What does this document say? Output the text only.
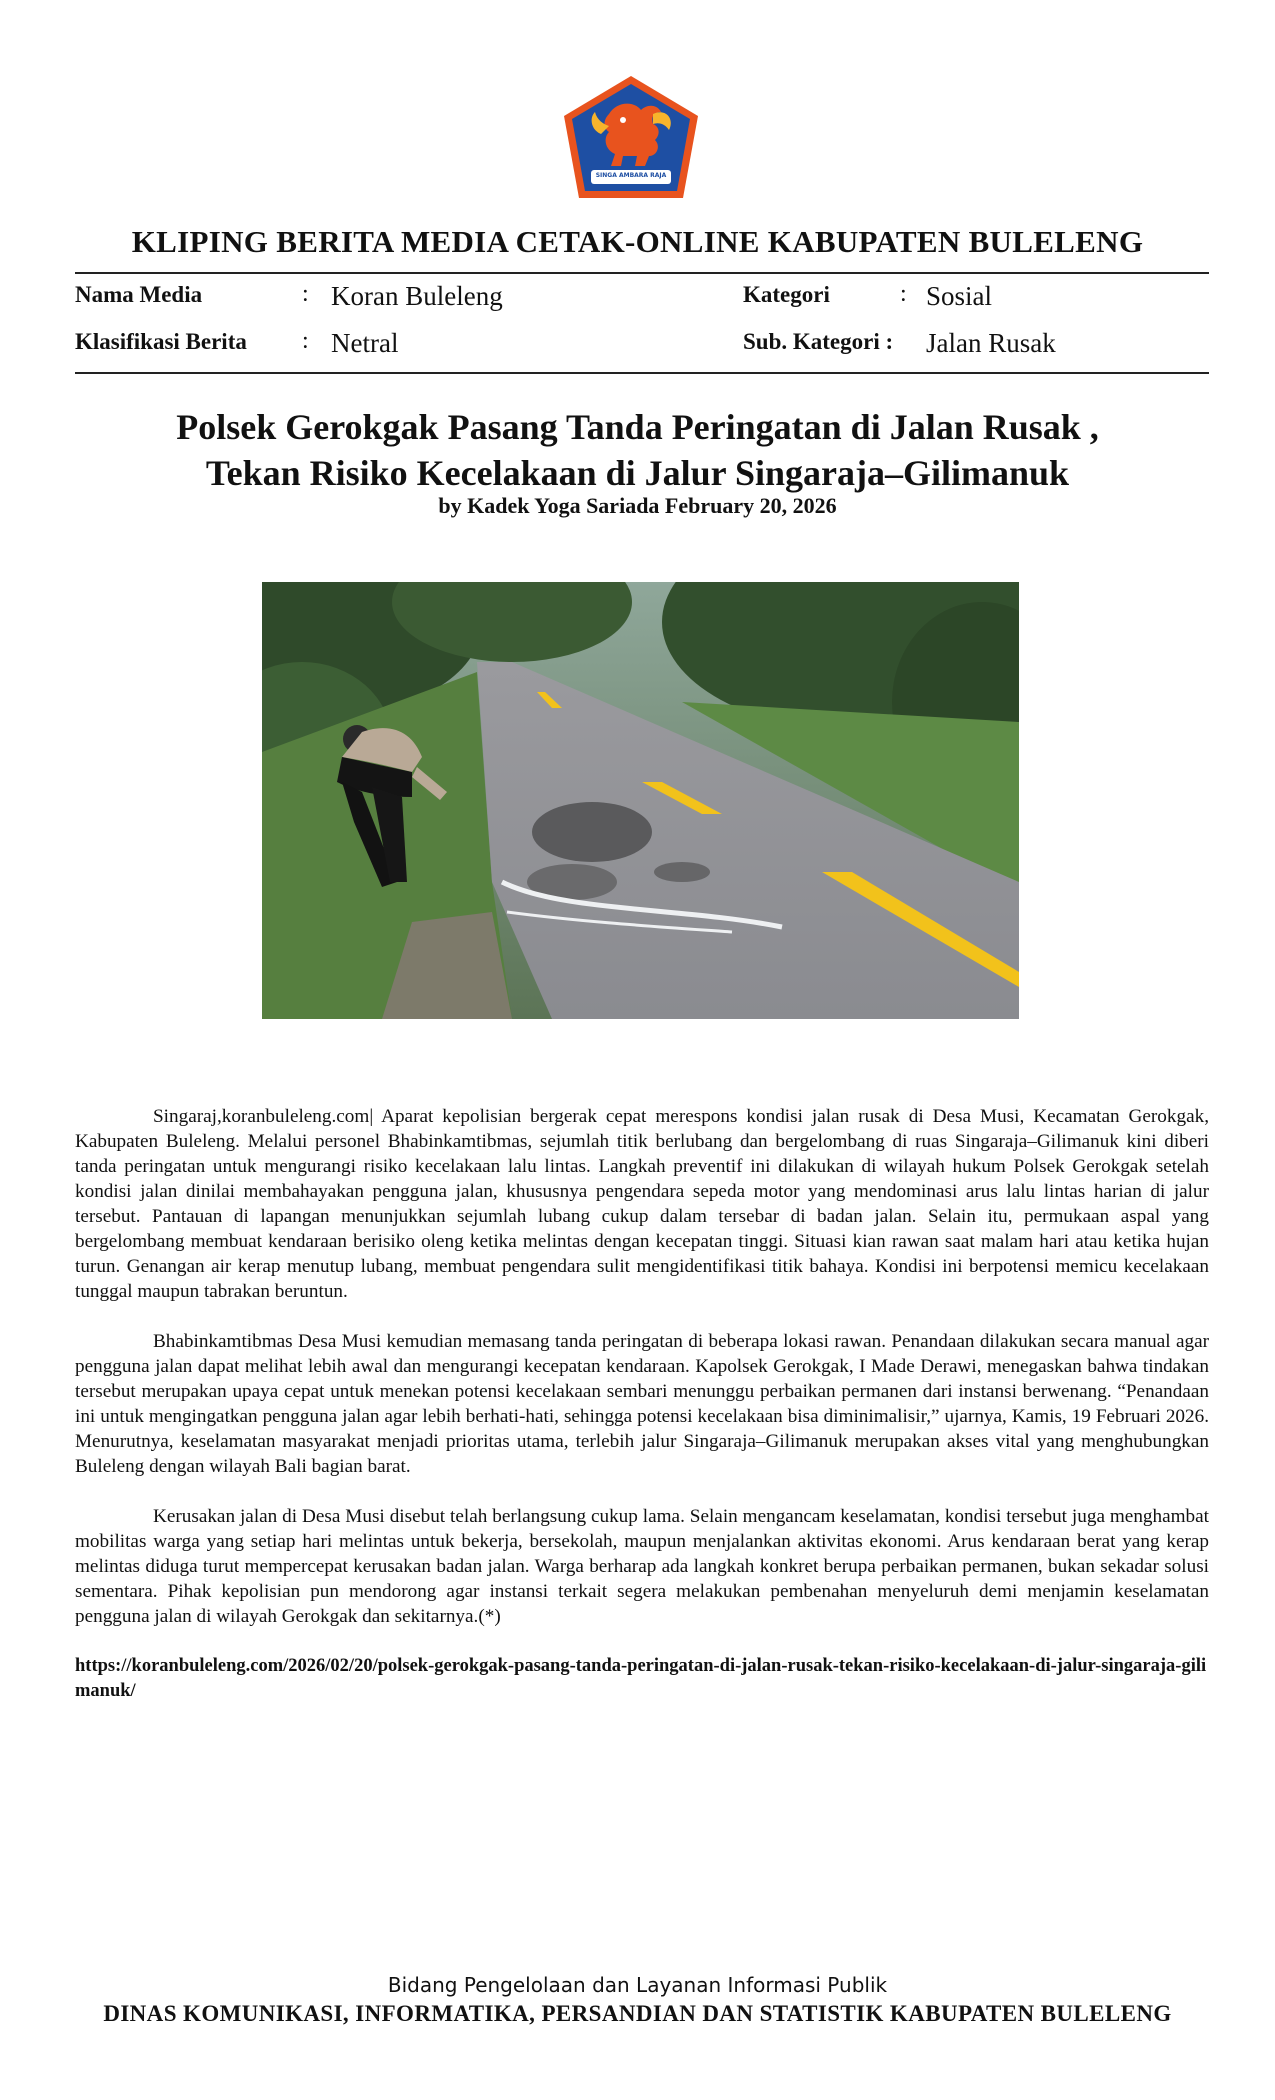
SINGA AMBARA RAJA
KLIPING BERITA MEDIA CETAK-ONLINE KABUPATEN BULELENG
Nama Media	: Koran Buleleng	Kategori	: Sosial
Klasifikasi Berita : Netral	Sub. Kategori : Jalan Rusak
Polsek Gerokgak Pasang Tanda Peringatan di Jalan Rusak ,
Tekan Risiko Kecelakaan di Jalur Singaraja–Gilimanuk
by Kadek Yoga Sariada February 20, 2026

Singaraj,koranbuleleng.com| Aparat kepolisian bergerak cepat merespons kondisi jalan rusak di Desa Musi, Kecamatan Gerokgak, Kabupaten Buleleng. Melalui personel Bhabinkamtibmas, sejumlah titik berlubang dan bergelombang di ruas Singaraja–Gilimanuk kini diberi tanda peringatan untuk mengurangi risiko kecelakaan lalu lintas. Langkah preventif ini dilakukan di wilayah hukum Polsek Gerokgak setelah kondisi jalan dinilai membahayakan pengguna jalan, khususnya pengendara sepeda motor yang mendominasi arus lalu lintas harian di jalur tersebut. Pantauan di lapangan menunjukkan sejumlah lubang cukup dalam tersebar di badan jalan. Selain itu, permukaan aspal yang bergelombang membuat kendaraan berisiko oleng ketika melintas dengan kecepatan tinggi. Situasi kian rawan saat malam hari atau ketika hujan turun. Genangan air kerap menutup lubang, membuat pengendara sulit mengidentifikasi titik bahaya. Kondisi ini berpotensi memicu kecelakaan tunggal maupun tabrakan beruntun.

Bhabinkamtibmas Desa Musi kemudian memasang tanda peringatan di beberapa lokasi rawan. Penandaan dilakukan secara manual agar pengguna jalan dapat melihat lebih awal dan mengurangi kecepatan kendaraan. Kapolsek Gerokgak, I Made Derawi, menegaskan bahwa tindakan tersebut merupakan upaya cepat untuk menekan potensi kecelakaan sembari menunggu perbaikan permanen dari instansi berwenang. “Penandaan ini untuk mengingatkan pengguna jalan agar lebih berhati-hati, sehingga potensi kecelakaan bisa diminimalisir,” ujarnya, Kamis, 19 Februari 2026. Menurutnya, keselamatan masyarakat menjadi prioritas utama, terlebih jalur Singaraja–Gilimanuk merupakan akses vital yang menghubungkan Buleleng dengan wilayah Bali bagian barat.

Kerusakan jalan di Desa Musi disebut telah berlangsung cukup lama. Selain mengancam keselamatan, kondisi tersebut juga menghambat mobilitas warga yang setiap hari melintas untuk bekerja, bersekolah, maupun menjalankan aktivitas ekonomi. Arus kendaraan berat yang kerap melintas diduga turut mempercepat kerusakan badan jalan. Warga berharap ada langkah konkret berupa perbaikan permanen, bukan sekadar solusi sementara. Pihak kepolisian pun mendorong agar instansi terkait segera melakukan pembenahan menyeluruh demi menjamin keselamatan pengguna jalan di wilayah Gerokgak dan sekitarnya.(*)

https://koranbuleleng.com/2026/02/20/polsek-gerokgak-pasang-tanda-peringatan-di-jalan-rusak-tekan-risiko-kecelakaan-di-jalur-singaraja-gilimanuk/

Bidang Pengelolaan dan Layanan Informasi Publik
DINAS KOMUNIKASI, INFORMATIKA, PERSANDIAN DAN STATISTIK KABUPATEN BULELENG
